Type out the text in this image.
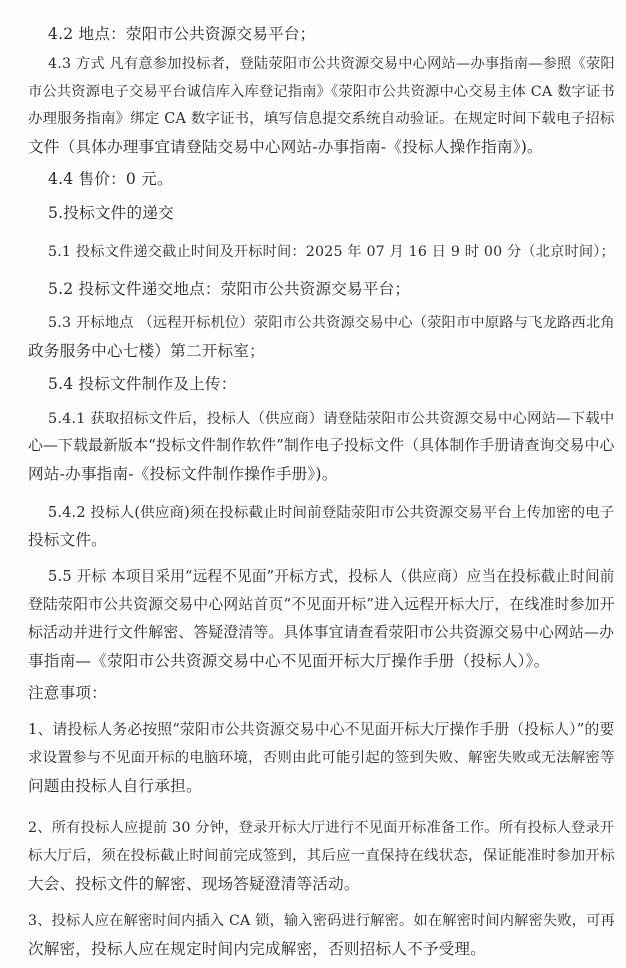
4.2 地点：荥阳市公共资源交易平台；

4.3 方式 凡有意参加投标者，登陆荥阳市公共资源交易中心网站—办事指南—参照《荥阳

市公共资源电子交易平台诚信库入库登记指南》《荥阳市公共资源中心交易主体 CA 数字证书

办理服务指南》绑定 CA 数字证书，填写信息提交系统自动验证。在规定时间下载电子招标

文件（具体办理事宜请登陆交易中心网站-办事指南-《投标人操作指南》)。

4.4 售价：0 元。

5.投标文件的递交

5.1 投标文件递交截止时间及开标时间：2025 年 07 月 16 日 9 时 00 分（北京时间）；

5.2 投标文件递交地点：荥阳市公共资源交易平台；

5.3 开标地点 （远程开标机位）荥阳市公共资源交易中心（荥阳市中原路与飞龙路西北角

政务服务中心七楼）第二开标室；

5.4 投标文件制作及上传：

5.4.1 获取招标文件后，投标人（供应商）请登陆荥阳市公共资源交易中心网站—下载中

心—下载最新版本“投标文件制作软件”制作电子投标文件（具体制作手册请查询交易中心

网站-办事指南-《投标文件制作操作手册》)。

5.4.2 投标人(供应商)须在投标截止时间前登陆荥阳市公共资源交易平台上传加密的电子

投标文件。

5.5 开标 本项目采用“远程不见面”开标方式，投标人（供应商）应当在投标截止时间前

登陆荥阳市公共资源交易中心网站首页“不见面开标”进入远程开标大厅，在线准时参加开

标活动并进行文件解密、答疑澄清等。具体事宜请查看荥阳市公共资源交易中心网站—办

事指南—《荥阳市公共资源交易中心不见面开标大厅操作手册（投标人）》。

注意事项：

1、请投标人务必按照“荥阳市公共资源交易中心不见面开标大厅操作手册（投标人）”的要

求设置参与不见面开标的电脑环境，否则由此可能引起的签到失败、解密失败或无法解密等

问题由投标人自行承担。

2、所有投标人应提前 30 分钟，登录开标大厅进行不见面开标准备工作。所有投标人登录开

标大厅后，须在投标截止时间前完成签到，其后应一直保持在线状态，保证能准时参加开标

大会、投标文件的解密、现场答疑澄清等活动。

3、投标人应在解密时间内插入 CA 锁，输入密码进行解密。如在解密时间内解密失败，可再

次解密，投标人应在规定时间内完成解密，否则招标人不予受理。
